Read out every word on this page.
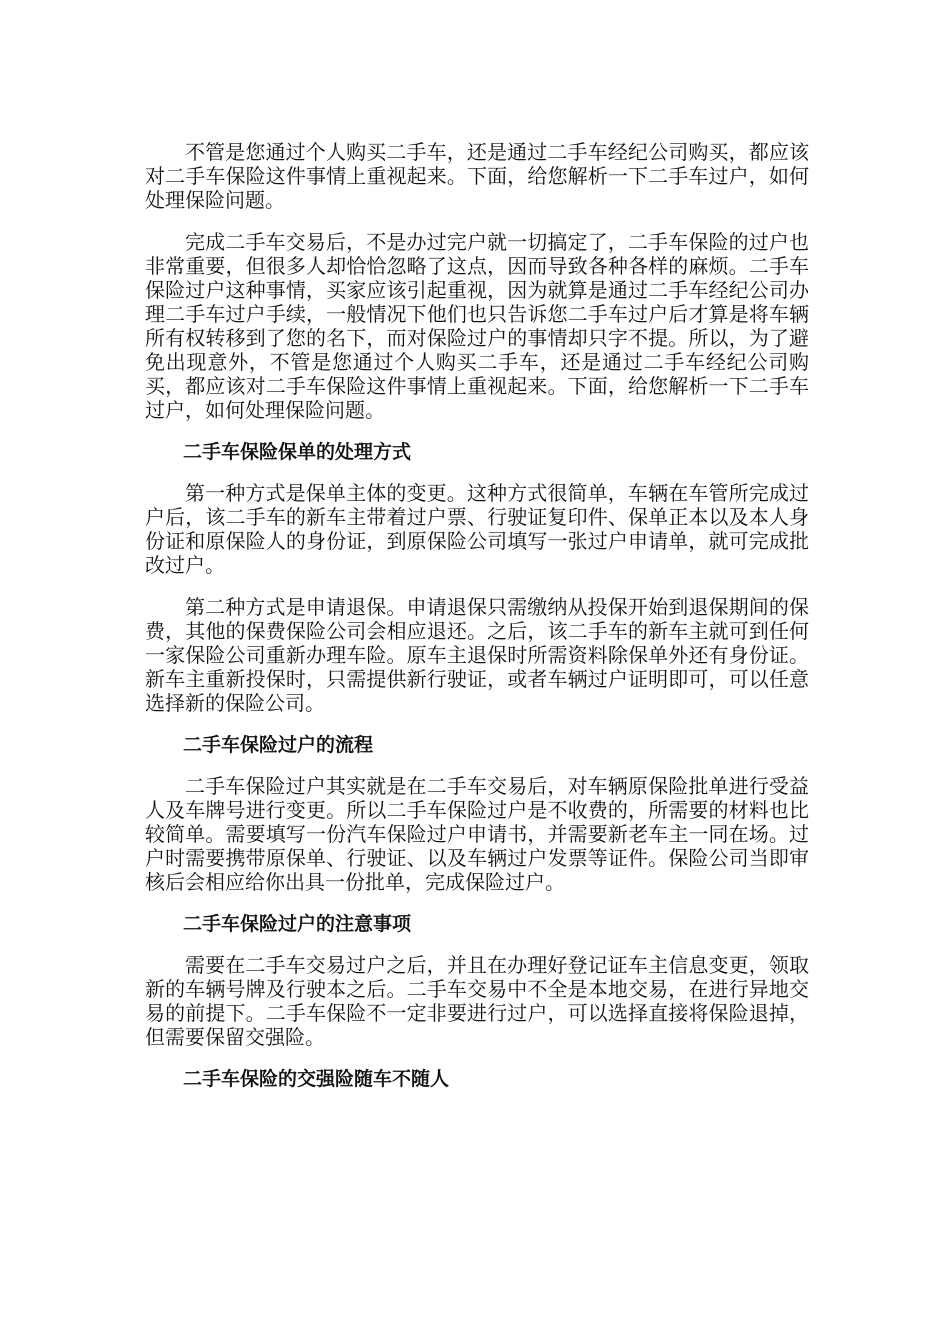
不管是您通过个人购买二手车，还是通过二手车经纪公司购买，都应该对二手车保险这件事情上重视起来。下面，给您解析一下二手车过户，如何处理保险问题。

完成二手车交易后，不是办过完户就一切搞定了，二手车保险的过户也非常重要，但很多人却恰恰忽略了这点，因而导致各种各样的麻烦。二手车保险过户这种事情，买家应该引起重视，因为就算是通过二手车经纪公司办理二手车过户手续，一般情况下他们也只告诉您二手车过户后才算是将车辆所有权转移到了您的名下，而对保险过户的事情却只字不提。所以，为了避免出现意外，不管是您通过个人购买二手车，还是通过二手车经纪公司购买，都应该对二手车保险这件事情上重视起来。下面，给您解析一下二手车过户，如何处理保险问题。

二手车保险保单的处理方式

第一种方式是保单主体的变更。这种方式很简单，车辆在车管所完成过户后，该二手车的新车主带着过户票、行驶证复印件、保单正本以及本人身份证和原保险人的身份证，到原保险公司填写一张过户申请单，就可完成批改过户。

第二种方式是申请退保。申请退保只需缴纳从投保开始到退保期间的保费，其他的保费保险公司会相应退还。之后，该二手车的新车主就可到任何一家保险公司重新办理车险。原车主退保时所需资料除保单外还有身份证。新车主重新投保时，只需提供新行驶证，或者车辆过户证明即可，可以任意选择新的保险公司。

二手车保险过户的流程

二手车保险过户其实就是在二手车交易后，对车辆原保险批单进行受益人及车牌号进行变更。所以二手车保险过户是不收费的，所需要的材料也比较简单。需要填写一份汽车保险过户申请书，并需要新老车主一同在场。过户时需要携带原保单、行驶证、以及车辆过户发票等证件。保险公司当即审核后会相应给你出具一份批单，完成保险过户。

二手车保险过户的注意事项

需要在二手车交易过户之后，并且在办理好登记证车主信息变更，领取新的车辆号牌及行驶本之后。二手车交易中不全是本地交易，在进行异地交易的前提下。二手车保险不一定非要进行过户，可以选择直接将保险退掉，但需要保留交强险。

二手车保险的交强险随车不随人
